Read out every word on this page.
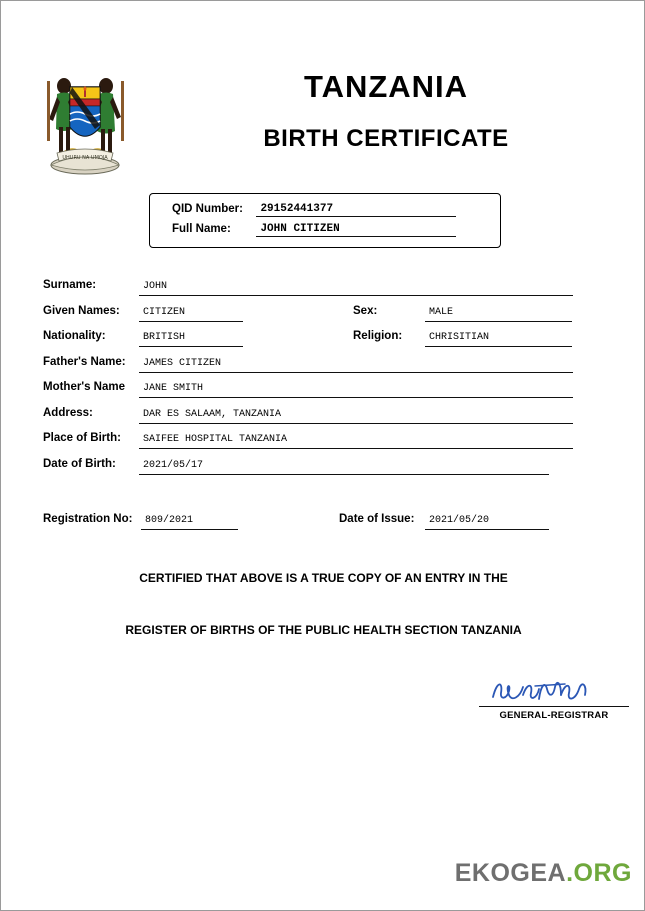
UHURU NA UMOJA
TANZANIA
BIRTH CERTIFICATE
QID Number: 29152441377
Full Name:	JOHN CITIZEN
Surname:	JOHN
Given Names:	CITIZEN	Sex:	MALE
Nationality:	BRITISH	Religion:	CHRISITIAN
Father's Name:	JAMES CITIZEN
Mother's Name	JANE SMITH
Address:	DAR ES SALAAM, TANZANIA
Place of Birth:	SAIFEE HOSPITAL TANZANIA
Date of Birth:	2021/05/17
Registration No:	809/2021	Date of Issue:	2021/05/20
CERTIFIED THAT ABOVE IS A TRUE COPY OF AN ENTRY IN THE
REGISTER OF BIRTHS OF THE PUBLIC HEALTH SECTION TANZANIA
GENERAL-REGISTRAR
EKOGEA.ORG
